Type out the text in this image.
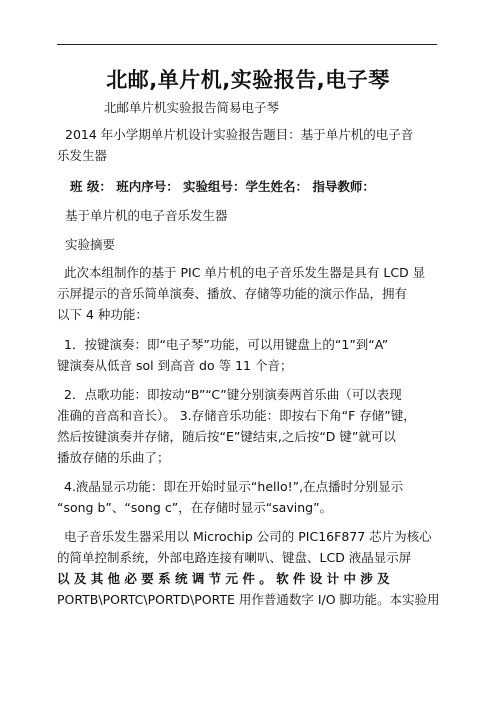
北邮,单片机,实验报告,电子琴
北邮单片机实验报告简易电子琴
2014 年小学期单片机设计实验报告题目：基于单片机的电子音
乐发生器
班 级： 班内序号： 实验组号：学生姓名： 指导教师：
基于单片机的电子音乐发生器
实验摘要
此次本组制作的基于 PIC 单片机的电子音乐发生器是具有 LCD 显
示屏提示的音乐简单演奏、播放、存储等功能的演示作品，拥有
以下 4 种功能：
1．按键演奏：即“电子琴”功能，可以用键盘上的“1”到“A”
键演奏从低音 sol 到高音 do 等 11 个音；
2．点歌功能：即按动“B”“C”键分别演奏两首乐曲（可以表现
准确的音高和音长）。 3.存储音乐功能：即按右下角“F 存储”键，
然后按键演奏并存储，随后按“E”键结束,之后按“D 键”就可以
播放存储的乐曲了；
4.液晶显示功能：即在开始时显示“hello!”,在点播时分别显示
“song b”、“song c”，在存储时显示“saving”。
电子音乐发生器采用以 Microchip 公司的 PIC16F877 芯片为核心
的简单控制系统，外部电路连接有喇叭、键盘、LCD 液晶显示屏
以 及 其 他 必 要 系 统 调 节 元 件 。 软 件 设 计 中 涉 及
PORTB\PORTC\PORTD\PORTE 用作普通数字 I/O 脚功能。本实验用
